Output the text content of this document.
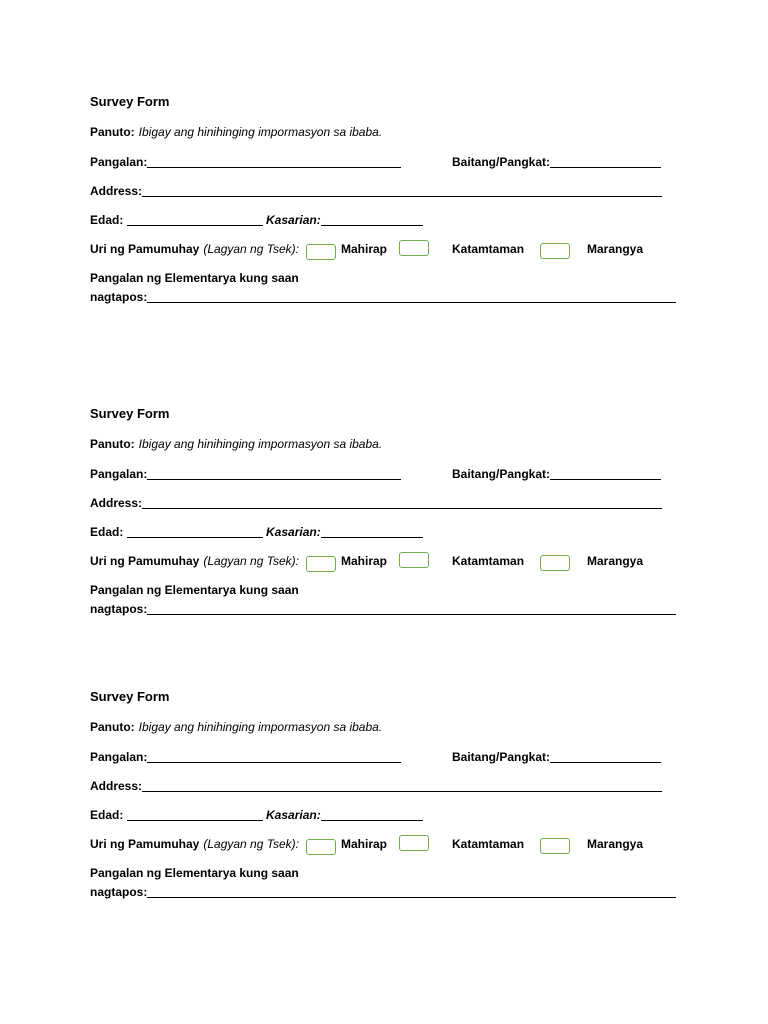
Survey Form
Panuto: Ibigay ang hinihinging impormasyon sa ibaba.
Pangalan:	Baitang/Pangkat:
Address:
Edad:	Kasarian:
Uri ng Pamumuhay (Lagyan ng Tsek):	Mahirap	Katamtaman	Marangya
Pangalan ng Elementarya kung saan
nagtapos:
Survey Form
Panuto: Ibigay ang hinihinging impormasyon sa ibaba.
Pangalan:	Baitang/Pangkat:
Address:
Edad:	Kasarian:
Uri ng Pamumuhay (Lagyan ng Tsek):	Mahirap	Katamtaman	Marangya
Pangalan ng Elementarya kung saan
nagtapos:
Survey Form
Panuto: Ibigay ang hinihinging impormasyon sa ibaba.
Pangalan:	Baitang/Pangkat:
Address:
Edad:	Kasarian:
Uri ng Pamumuhay (Lagyan ng Tsek):	Mahirap	Katamtaman	Marangya
Pangalan ng Elementarya kung saan
nagtapos:
